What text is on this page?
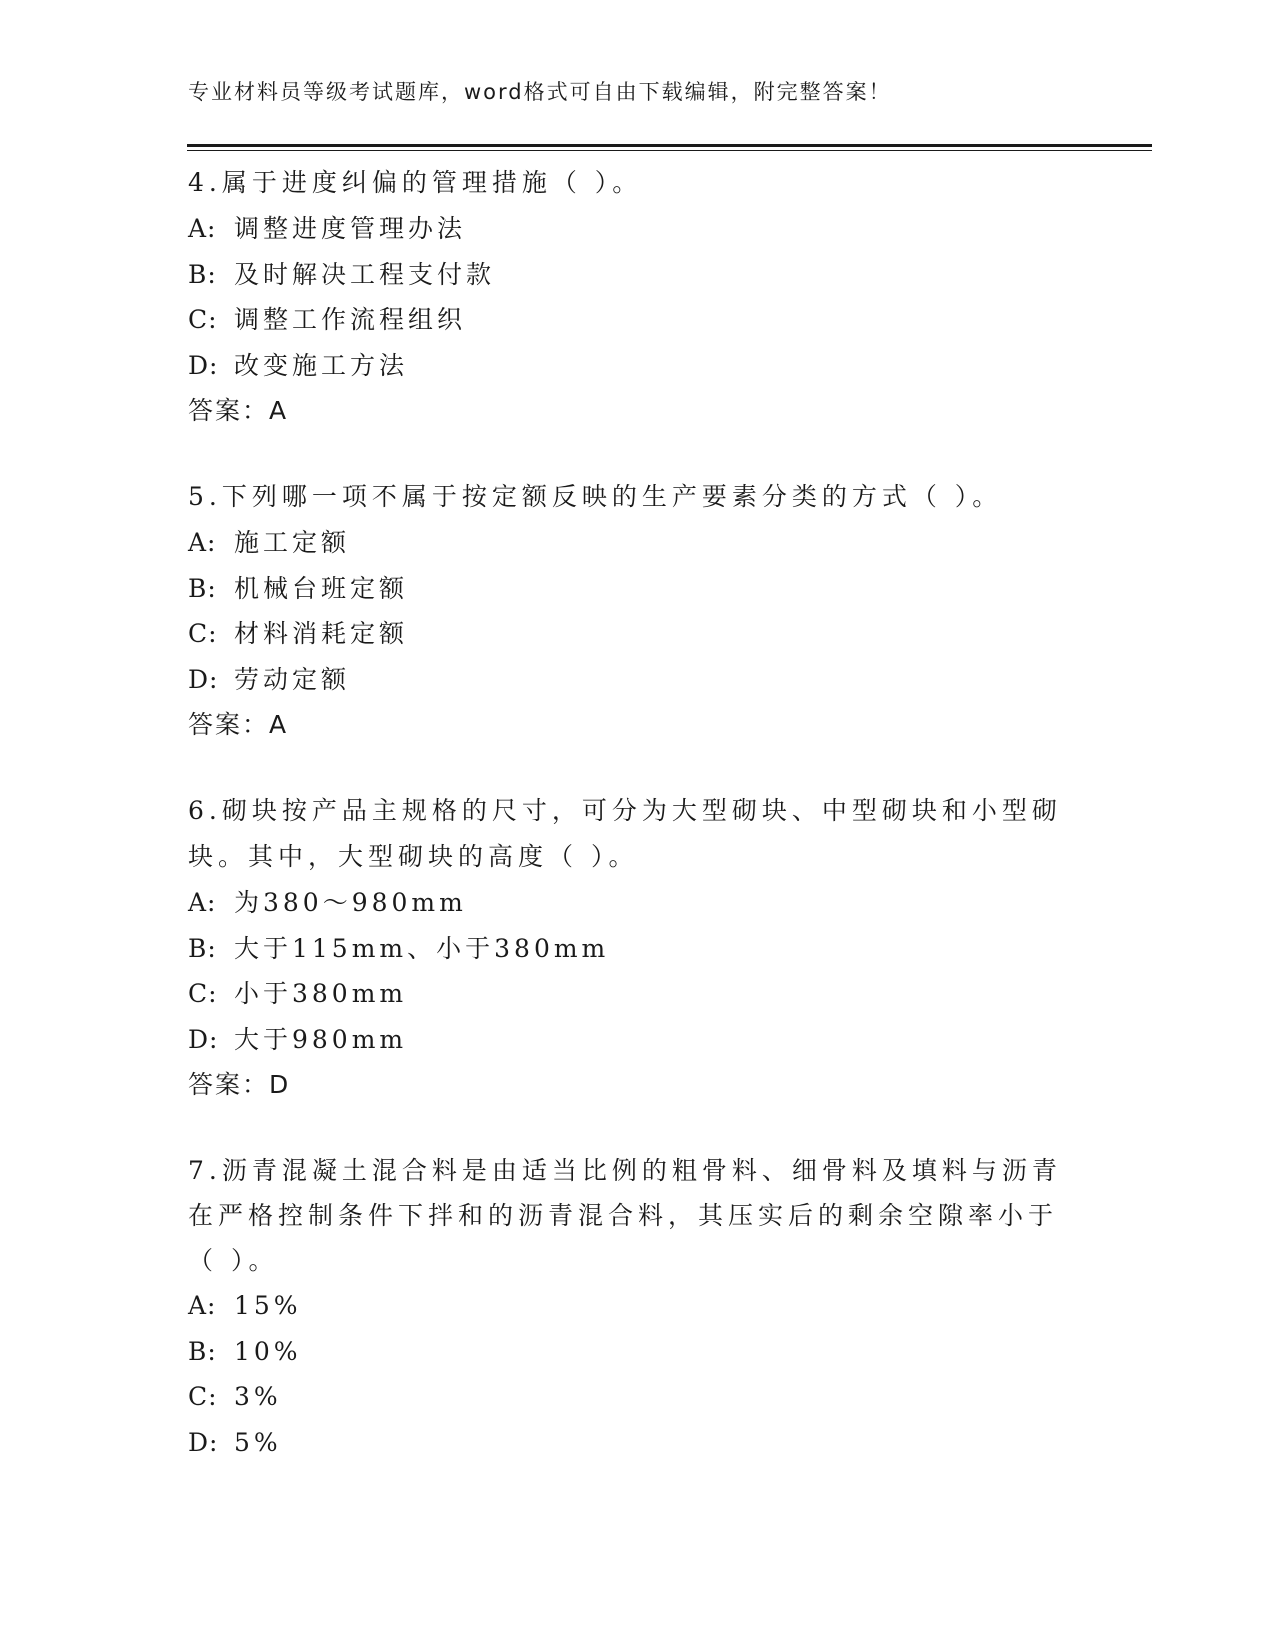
专业材料员等级考试题库，word格式可自由下载编辑，附完整答案！
4.属于进度纠偏的管理措施（ ）。
A: 调整进度管理办法
B: 及时解决工程支付款
C: 调整工作流程组织
D: 改变施工方法
答案：A
5.下列哪一项不属于按定额反映的生产要素分类的方式（ ）。
A: 施工定额
B: 机械台班定额
C: 材料消耗定额
D: 劳动定额
答案：A
6.砌块按产品主规格的尺寸，可分为大型砌块、中型砌块和小型砌块。其中，大型砌块的高度（ ）。
A: 为380～980mm
B: 大于115mm、小于380mm
C: 小于380mm
D: 大于980mm
答案：D
7.沥青混凝土混合料是由适当比例的粗骨料、细骨料及填料与沥青在严格控制条件下拌和的沥青混合料，其压实后的剩余空隙率小于（ ）。
A: 15%
B: 10%
C: 3%
D: 5%
